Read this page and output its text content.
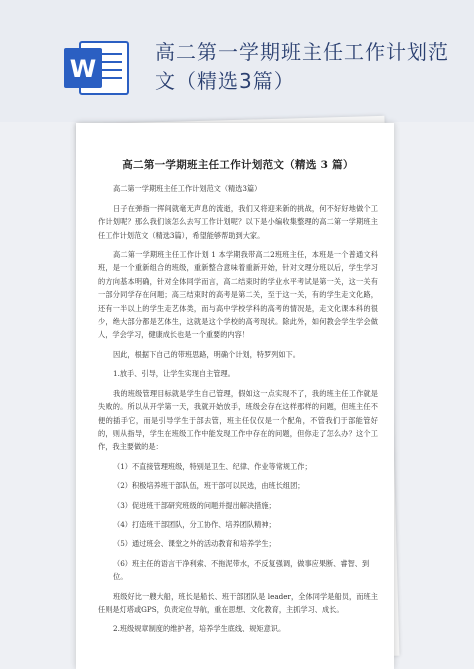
W
高二第一学期班主任工作计划范文（精选3篇）
高二第一学期班主任工作计划范文（精选 3 篇）
高二第一学期班主任工作计划范文（精选3篇）
日子在弹指一挥间就毫无声息的流逝，我们又将迎来新的挑战，何不好好地做个工作计划呢？那么我们该怎么去写工作计划呢？以下是小编收集整理的高二第一学期班主任工作计划范文（精选3篇），希望能够帮助到大家。
高二第一学期班主任工作计划 1 本学期我带高二2班班主任，本班是一个普通文科班，是一个重新组合的班级，重新整合意味着重新开始，针对文理分班以后，学生学习的方向基本明确，针对全体同学而言，高二结束时的学业水平考试是第一关，这一关有一部分同学存在问题；高三结束时的高考是第二关，至于这一关，有的学生走文化路，还有一半以上的学生走艺体类，而与高中学校学科的高考的情况是，走文化课本科的很少，绝大部分都是艺体生，这就是这个学校的高考现状。除此外，如何教会学生学会做人，学会学习，健康成长也是一个重要的内容！
因此，根据下自己的带班思路，明确个计划，特罗列如下。
1.放手、引导，让学生实现自主管理。
我的班级管理目标就是学生自己管理，假如这一点实现不了，我的班主任工作就是失败的。所以从开学第一天，我就开始放手，班级会存在这样那样的问题，但班主任不便的插手它，而是引导学生于部去管，班主任仅仅是一个配角，不管我们于部能管好的，则从指导，学生在班级工作中能发现工作中存在的问题，但你走了怎么办？这个工作，我主要做的是：
（1）不直接管理班级，特别是卫生、纪律、作业等常规工作；
（2）积极培养班干部队伍，班干部可以民选，由班长组团；
（3）促进班干部研究班级的问题并提出解决措施；
（4）打造班干部团队，分工协作、培养团队精神；
（5）通过班会、课堂之外的活动教育和培养学生；
（6）班主任的语言干净利索、不拖泥带水，不反复强调，做事应果断、睿智、到位。
班级好比一艘大船，班长是船长、班干部团队是 leader，全体同学是船员，而班主任则是灯塔或GPS，负责定位导航，重在思想、文化教育，主抓学习、成长。
2.班级规章制度的维护者，培养学生底线、规矩意识。
